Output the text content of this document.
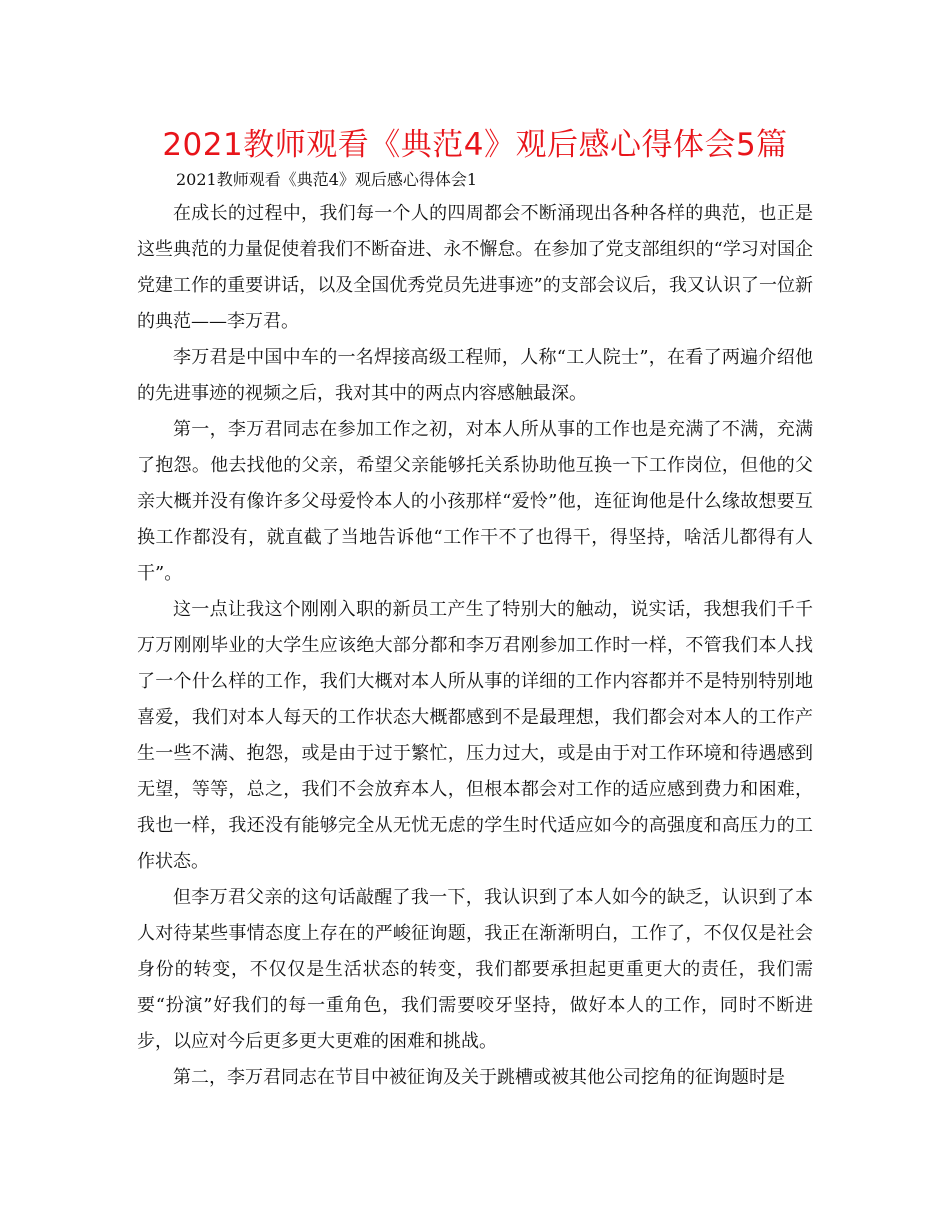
2021教师观看《典范4》观后感心得体会5篇

2021教师观看《典范4》观后感心得体会1

在成长的过程中，我们每一个人的四周都会不断涌现出各种各样的典范，也正是这些典范的力量促使着我们不断奋进、永不懈怠。在参加了党支部组织的“学习对国企党建工作的重要讲话，以及全国优秀党员先进事迹”的支部会议后，我又认识了一位新的典范——李万君。

李万君是中国中车的一名焊接高级工程师，人称“工人院士”，在看了两遍介绍他的先进事迹的视频之后，我对其中的两点内容感触最深。

第一，李万君同志在参加工作之初，对本人所从事的工作也是充满了不满，充满了抱怨。他去找他的父亲，希望父亲能够托关系协助他互换一下工作岗位，但他的父亲大概并没有像许多父母爱怜本人的小孩那样“爱怜”他，连征询他是什么缘故想要互换工作都没有，就直截了当地告诉他“工作干不了也得干，得坚持，啥活儿都得有人干”。

这一点让我这个刚刚入职的新员工产生了特别大的触动，说实话，我想我们千千万万刚刚毕业的大学生应该绝大部分都和李万君刚参加工作时一样，不管我们本人找了一个什么样的工作，我们大概对本人所从事的详细的工作内容都并不是特别特别地喜爱，我们对本人每天的工作状态大概都感到不是最理想，我们都会对本人的工作产生一些不满、抱怨，或是由于过于繁忙，压力过大，或是由于对工作环境和待遇感到无望，等等，总之，我们不会放弃本人，但根本都会对工作的适应感到费力和困难，我也一样，我还没有能够完全从无忧无虑的学生时代适应如今的高强度和高压力的工作状态。

但李万君父亲的这句话敲醒了我一下，我认识到了本人如今的缺乏，认识到了本人对待某些事情态度上存在的严峻征询题，我正在渐渐明白，工作了，不仅仅是社会身份的转变，不仅仅是生活状态的转变，我们都要承担起更重更大的责任，我们需要“扮演”好我们的每一重角色，我们需要咬牙坚持，做好本人的工作，同时不断进步，以应对今后更多更大更难的困难和挑战。

第二，李万君同志在节目中被征询及关于跳槽或被其他公司挖角的征询题时是
